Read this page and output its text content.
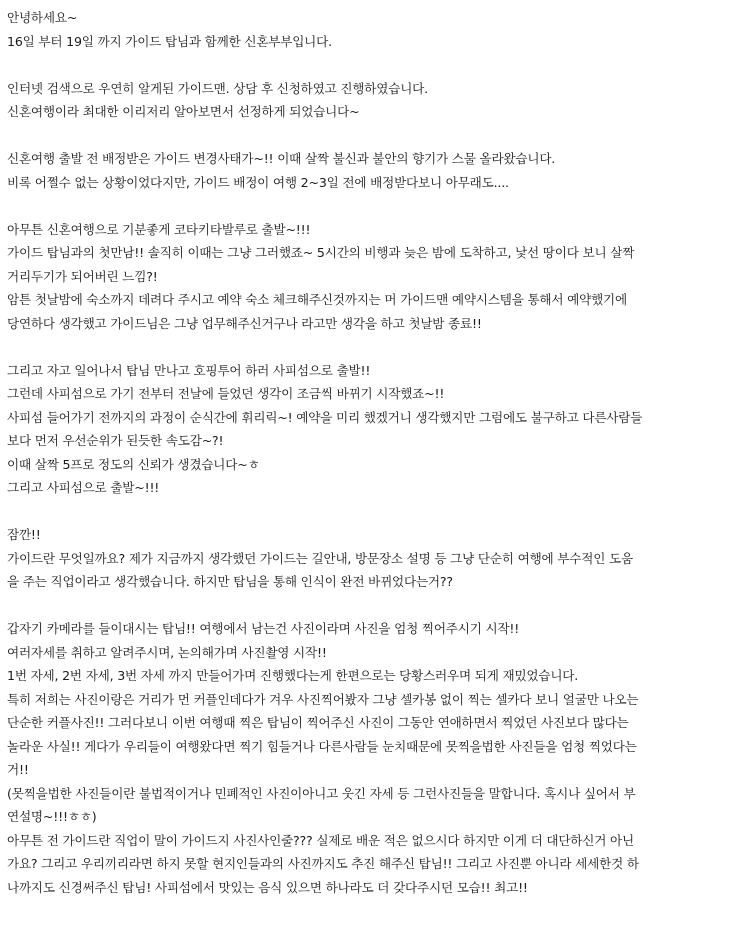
안녕하세요~
16일 부터 19일 까지 가이드 탑님과 함께한 신혼부부입니다.
인터넷 검색으로 우연히 알게된 가이드맨. 상담 후 신청하였고 진행하였습니다.
신혼여행이라 최대한 이리저리 알아보면서 선정하게 되었습니다~
신혼여행 출발 전 배정받은 가이드 변경사태가~!! 이때 살짝 불신과 불안의 향기가 스물 올라왔습니다.
비록 어쩔수 없는 상황이었다지만, 가이드 배정이 여행 2~3일 전에 배정받다보니 아무래도....
아무튼 신혼여행으로 기분좋게 코타키타발루로 출발~!!!
가이드 탑님과의 첫만남!! 솔직히 이때는 그냥 그러했죠~ 5시간의 비행과 늦은 밤에 도착하고, 낯선 땅이다 보니 살짝
거리두기가 되어버린 느낌?!
암튼 첫날밤에 숙소까지 데려다 주시고 예약 숙소 체크해주신것까지는 머 가이드맨 예약시스템을 통해서 예약했기에
당연하다 생각했고 가이드님은 그냥 업무해주신거구나 라고만 생각을 하고 첫날밤 종료!!
그리고 자고 일어나서 탑님 만나고 호핑투어 하러 사피섬으로 출발!!
그런데 사피섬으로 가기 전부터 전날에 들었던 생각이 조금씩 바뀌기 시작했죠~!!
사피섬 들어가기 전까지의 과정이 순식간에 휘리릭~! 예약을 미리 했겠거니 생각했지만 그럼에도 불구하고 다른사람들
보다 먼저 우선순위가 된듯한 속도감~?!
이때 살짝 5프로 정도의 신뢰가 생겼습니다~ㅎ
그리고 사피섬으로 출발~!!!
잠깐!!
가이드란 무엇일까요? 제가 지금까지 생각했던 가이드는 길안내, 방문장소 설명 등 그냥 단순히 여행에 부수적인 도움
을 주는 직업이라고 생각했습니다. 하지만 탑님을 통해 인식이 완전 바뀌었다는거??
갑자기 카메라를 들이대시는 탑님!! 여행에서 남는건 사진이라며 사진을 엄청 찍어주시기 시작!!
여러자세를 취하고 알려주시며, 논의해가며 사진촬영 시작!!
1번 자세, 2번 자세, 3번 자세 까지 만들어가며 진행했다는게 한편으로는 당황스러우며 되게 재밌었습니다.
특히 저희는 사진이랑은 거리가 먼 커플인데다가 겨우 사진찍어봤자 그냥 셀카봉 없이 찍는 셀카다 보니 얼굴만 나오는
단순한 커플사진!! 그러다보니 이번 여행때 찍은 탑님이 찍어주신 사진이 그동안 연애하면서 찍었던 사진보다 많다는
놀라운 사실!! 게다가 우리들이 여행왔다면 찍기 힘들거나 다른사람들 눈치때문에 못찍을법한 사진들을 엄청 찍었다는
거!!
(못찍을법한 사진들이란 불법적이거나 민폐적인 사진이아니고 웃긴 자세 등 그런사진들을 말합니다. 혹시나 싶어서 부
연설명~!!!ㅎㅎ)
아무튼 전 가이드란 직업이 말이 가이드지 사진사인줄??? 실제로 배운 적은 없으시다 하지만 이게 더 대단하신거 아닌
가요? 그리고 우리끼리라면 하지 못할 현지인들과의 사진까지도 추진 해주신 탑님!! 그리고 사진뿐 아니라 세세한것 하
나까지도 신경써주신 탑님! 사피섬에서 맛있는 음식 있으면 하나라도 더 갖다주시던 모습!! 최고!!
